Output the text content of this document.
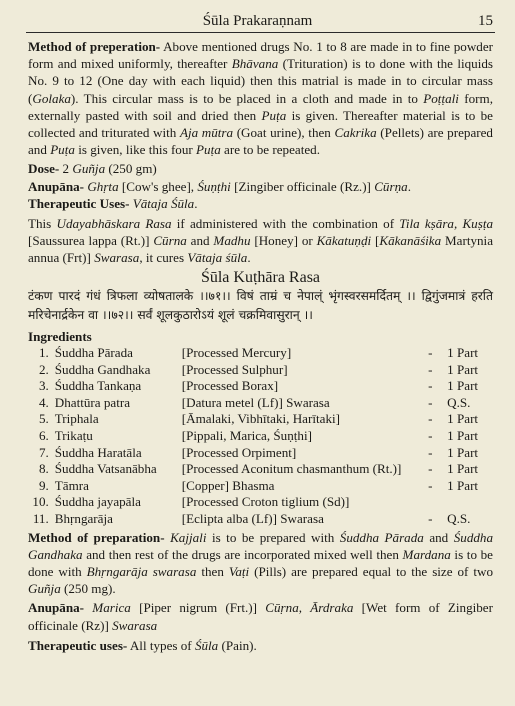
Śūla Prakaraṇnam	15

Method of preperation- Above mentioned drugs No. 1 to 8 are made in to fine powder form and mixed uniformly, thereafter Bhāvana (Trituration) is to done with the liquids No. 9 to 12 (One day with each liquid) then this matrial is made in to circular mass (Golaka). This circular mass is to be placed in a cloth and made in to Poṭṭali form, externally pasted with soil and dried then Puṭa is given. Thereafter material is to be collected and triturated with Aja mūtra (Goat urine), then Cakrika (Pellets) are prepared and Puṭa is given, like this four Puṭa are to be repeated.

Dose- 2 Guñja (250 gm)

Anupāna- Ghṛta [Cow's ghee], Śuṇṭhi [Zingiber officinale (Rz.)] Cūrṇa.

Therapeutic Uses- Vātaja Śūla.

This Udayabhāskara Rasa if administered with the combination of Tila kṣāra, Kuṣṭa [Saussurea lappa (Rt.)] Cūrna and Madhu [Honey] or Kākatuṇḍi [Kākanāśika Martynia annua (Frt)] Swarasa, it cures Vātaja śūla.

Śūla Kuṭhāra Rasa

टंकण पारदं गंधं त्रिफला व्योषतालके ।।७१।। विषं ताम्रं च नेपाल्ं भृंगस्वरसमर्दितम् ।। द्विगुंजमात्रं हरति मरिचेनार्द्रकेन वा ।।७२।। सर्वं शूलकुठारोऽयं शूलं चक्रमिवासुरान् ।।

Ingredients
1.	Śuddha Pārada	[Processed Mercury]	-	1 Part
2.	Śuddha Gandhaka	[Processed Sulphur]	-	1 Part
3.	Śuddha Tankaṇa	[Processed Borax]	-	1 Part
4.	Dhattūra patra	[Datura metel (Lf)] Swarasa	-	Q.S.
5.	Triphala	[Āmalaki, Vibhītaki, Harītaki]	-	1 Part
6.	Trikaṭu	[Pippali, Marica, Śuṇṭhi]	-	1 Part
7.	Śuddha Haratāla	[Processed Orpiment]	-	1 Part
8.	Śuddha Vatsanābha	[Processed Aconitum chasmanthum (Rt.)]	-	1 Part
9.	Tāmra	[Copper] Bhasma	-	1 Part
10.	Śuddha jayapāla	[Processed Croton tiglium (Sd)]		
11.	Bhṛngarāja	[Eclipta alba (Lf)] Swarasa	-	Q.S.

Method of preparation- Kajjali is to be prepared with Śuddha Pārada and Śuddha Gandhaka and then rest of the drugs are incorporated mixed well then Mardana is to be done with Bhṛngarāja swarasa then Vaṭi (Pills) are prepared equal to the size of two Guñja (250 mg).

Anupāna- Marica [Piper nigrum (Frt.)] Cūṛna, Ārdraka [Wet form of Zingiber officinale (Rz)] Swarasa

Therapeutic uses- All types of Śūla (Pain).
